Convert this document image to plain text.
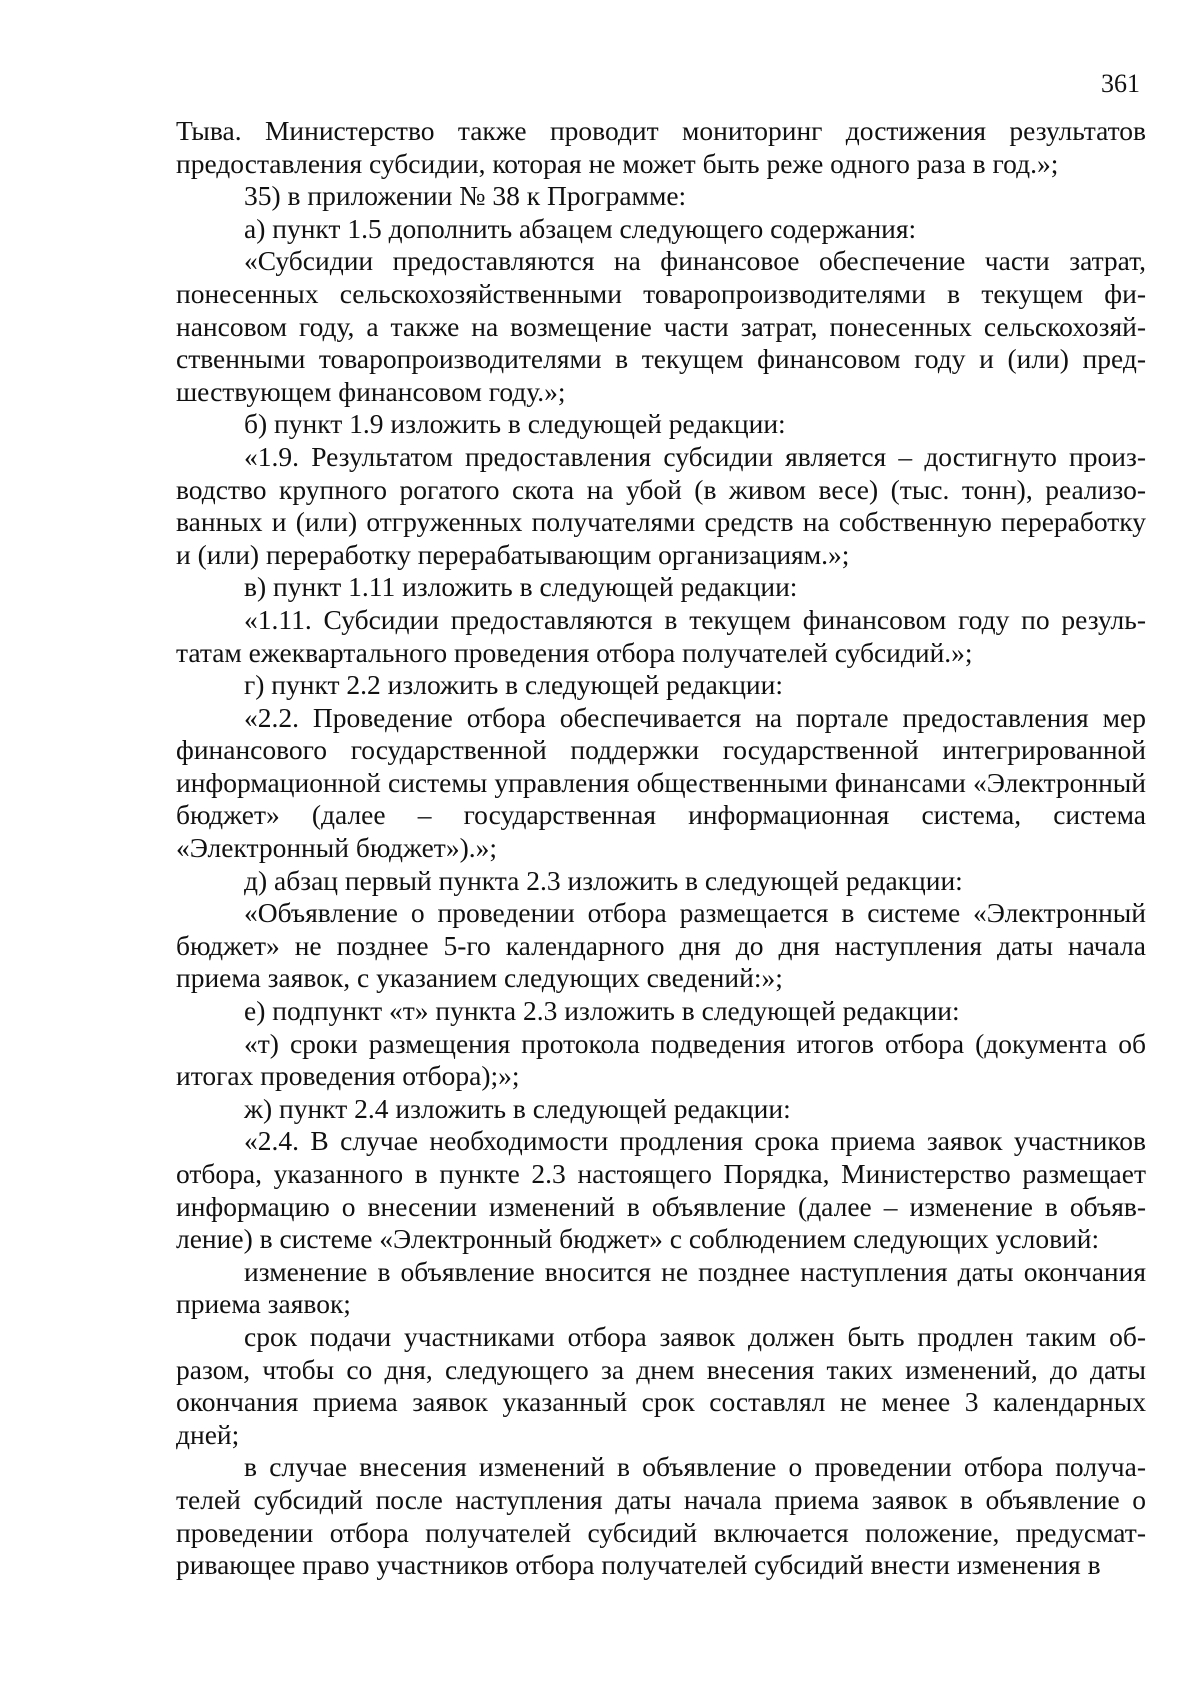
361

Тыва. Министерство также проводит мониторинг достижения результатов предоставления субсидии, которая не может быть реже одного раза в год.»;

35) в приложении № 38 к Программе:

а) пункт 1.5 дополнить абзацем следующего содержания:

«Субсидии предоставляются на финансовое обеспечение части затрат, понесенных сельскохозяйственными товаропроизводителями в текущем финансовом году, а также на возмещение части затрат, понесенных сельскохозяйственными товаропроизводителями в текущем финансовом году и (или) предшествующем финансовом году.»;

б) пункт 1.9 изложить в следующей редакции:

«1.9. Результатом предоставления субсидии является – достигнуто производство крупного рогатого скота на убой (в живом весе) (тыс. тонн), реализованных и (или) отгруженных получателями средств на собственную переработку и (или) переработку перерабатывающим организациям.»;

в) пункт 1.11 изложить в следующей редакции:

«1.11. Субсидии предоставляются в текущем финансовом году по результатам ежеквартального проведения отбора получателей субсидий.»;

г) пункт 2.2 изложить в следующей редакции:

«2.2. Проведение отбора обеспечивается на портале предоставления мер финансового государственной поддержки государственной интегрированной информационной системы управления общественными финансами «Электронный бюджет» (далее – государственная информационная система, система «Электронный бюджет»).»;

д) абзац первый пункта 2.3 изложить в следующей редакции:

«Объявление о проведении отбора размещается в системе «Электронный бюджет» не позднее 5-го календарного дня до дня наступления даты начала приема заявок, с указанием следующих сведений:»;

е) подпункт «т» пункта 2.3 изложить в следующей редакции:

«т) сроки размещения протокола подведения итогов отбора (документа об итогах проведения отбора);»;

ж) пункт 2.4 изложить в следующей редакции:

«2.4. В случае необходимости продления срока приема заявок участников отбора, указанного в пункте 2.3 настоящего Порядка, Министерство размещает информацию о внесении изменений в объявление (далее – изменение в объявление) в системе «Электронный бюджет» с соблюдением следующих условий:

изменение в объявление вносится не позднее наступления даты окончания приема заявок;

срок подачи участниками отбора заявок должен быть продлен таким образом, чтобы со дня, следующего за днем внесения таких изменений, до даты окончания приема заявок указанный срок составлял не менее 3 календарных дней;

в случае внесения изменений в объявление о проведении отбора получателей субсидий после наступления даты начала приема заявок в объявление о проведении отбора получателей субсидий включается положение, предусматривающее право участников отбора получателей субсидий внести изменения в
